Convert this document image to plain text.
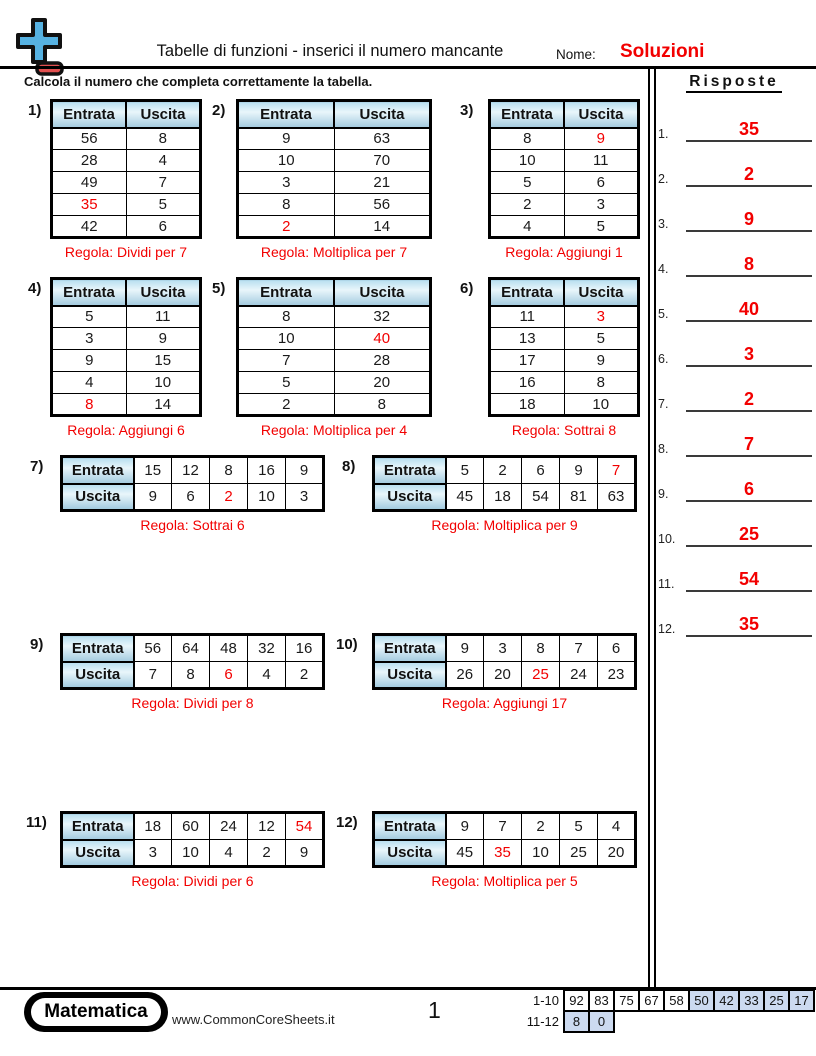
Tabelle di funzioni - inserici il numero mancante	Nome: Soluzioni
Calcola il numero che completa correttamente la tabella.	Risposte
1.	35
2.	2
3.	9
4.	8
5.	40
6.	3
7.	2
8.	7
9.	6
10.	25
11.	54
12.	35
1) Entrata	Uscita
56	8
28	4
49	7
35	5
42	6
Regola: Dividi per 7
2) Entrata	Uscita
9	63
10	70
3	21
8	56
2	14
Regola: Moltiplica per 7
3) Entrata	Uscita
8	9
10	11
5	6
2	3
4	5
Regola: Aggiungi 1
4) Entrata	Uscita
5	11
3	9
9	15
4	10
8	14
Regola: Aggiungi 6
5) Entrata	Uscita
8	32
10	40
7	28
5	20
2	8
Regola: Moltiplica per 4
6) Entrata	Uscita
11	3
13	5
17	9
16	8
18	10
Regola: Sottrai 8
7) Entrata	15	12	8	16	9
Uscita	9	6	2	10	3
Regola: Sottrai 6
8) Entrata	5	2	6	9	7
Uscita	45	18	54	81	63
Regola: Moltiplica per 9
9) Entrata	56	64	48	32	16
Uscita	7	8	6	4	2
Regola: Dividi per 8
10) Entrata	9	3	8	7	6
Uscita	26	20	25	24	23
Regola: Aggiungi 17
11) Entrata	18	60	24	12	54
Uscita	3	10	4	2	9
Regola: Dividi per 6
12) Entrata	9	7	2	5	4
Uscita	45	35	10	25	20
Regola: Moltiplica per 5
Matematica	www.CommonCoreSheets.it	1	1-10	92	83	75	67	58	50	42	33	25	17
11-12	8	0								
